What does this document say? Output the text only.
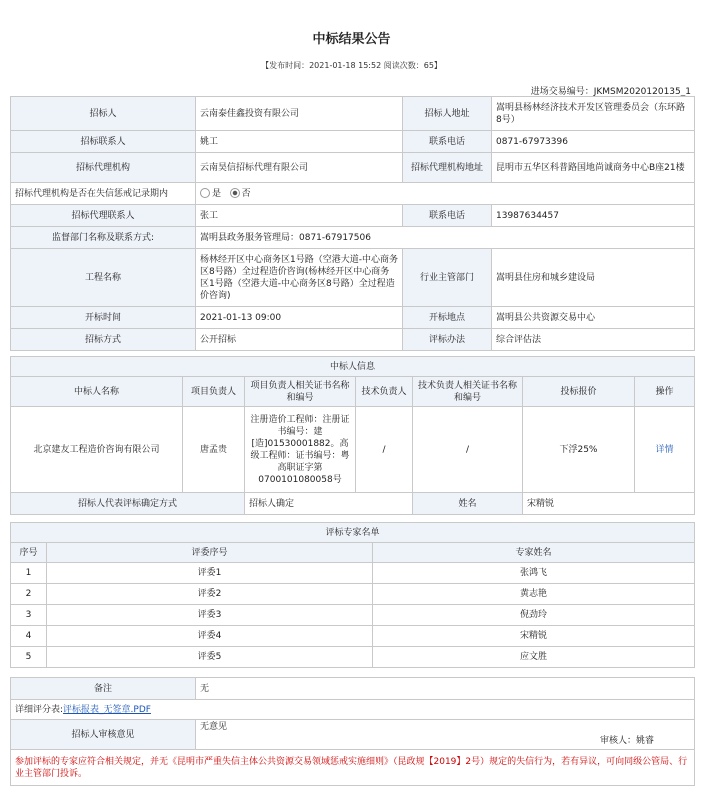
中标结果公告
【发布时间：2021-01-18 15:52 阅读次数：65】
进场交易编号：JKMSM2020120135_1
招标人	云南泰佳鑫投资有限公司	招标人地址	嵩明县杨林经济技术开发区管理委员会（东环路8号）
招标联系人	姚工	联系电话	0871-67973396
招标代理机构	云南昊信招标代理有限公司	招标代理机构地址	昆明市五华区科普路国地尚诚商务中心B座21楼
招标代理机构是否在失信惩戒记录期内	是 否		
招标代理联系人	张工	联系电话	13987634457
监督部门名称及联系方式:	嵩明县政务服务管理局：0871-67917506		
工程名称	杨林经开区中心商务区1号路（空港大道-中心商务区8号路）全过程造价咨询(杨林经开区中心商务区1号路（空港大道-中心商务区8号路）全过程造价咨询)	行业主管部门	嵩明县住房和城乡建设局
开标时间	2021-01-13 09:00	开标地点	嵩明县公共资源交易中心
招标方式	公开招标	评标办法	综合评估法
中标人信息						
中标人名称	项目负责人	项目负责人相关证书名称和编号	技术负责人	技术负责人相关证书名称和编号	投标报价	操作
北京建友工程造价咨询有限公司	唐孟贵	注册造价工程师：注册证书编号：建[造]01530001882。高级工程师：证书编号：粤高职证字第0700101080058号	/	/	下浮25%	详情
招标人代表评标确定方式		招标人确定		姓名	宋精锐	
评标专家名单		
序号	评委序号	专家姓名
1	评委1	张鸿飞
2	评委2	黄志艳
3	评委3	倪劲玲
4	评委4	宋精锐
5	评委5	应文胜
备注	无
详细评分表:评标报表_无签章.PDF	
招标人审核意见	无意见
审核人：姚睿

参加评标的专家应符合相关规定，并无《昆明市严重失信主体公共资源交易领域惩戒实施细则》（昆政规【2019】2号）规定的失信行为，若有异议，可向同级公管局、行业主管部门投诉。	
